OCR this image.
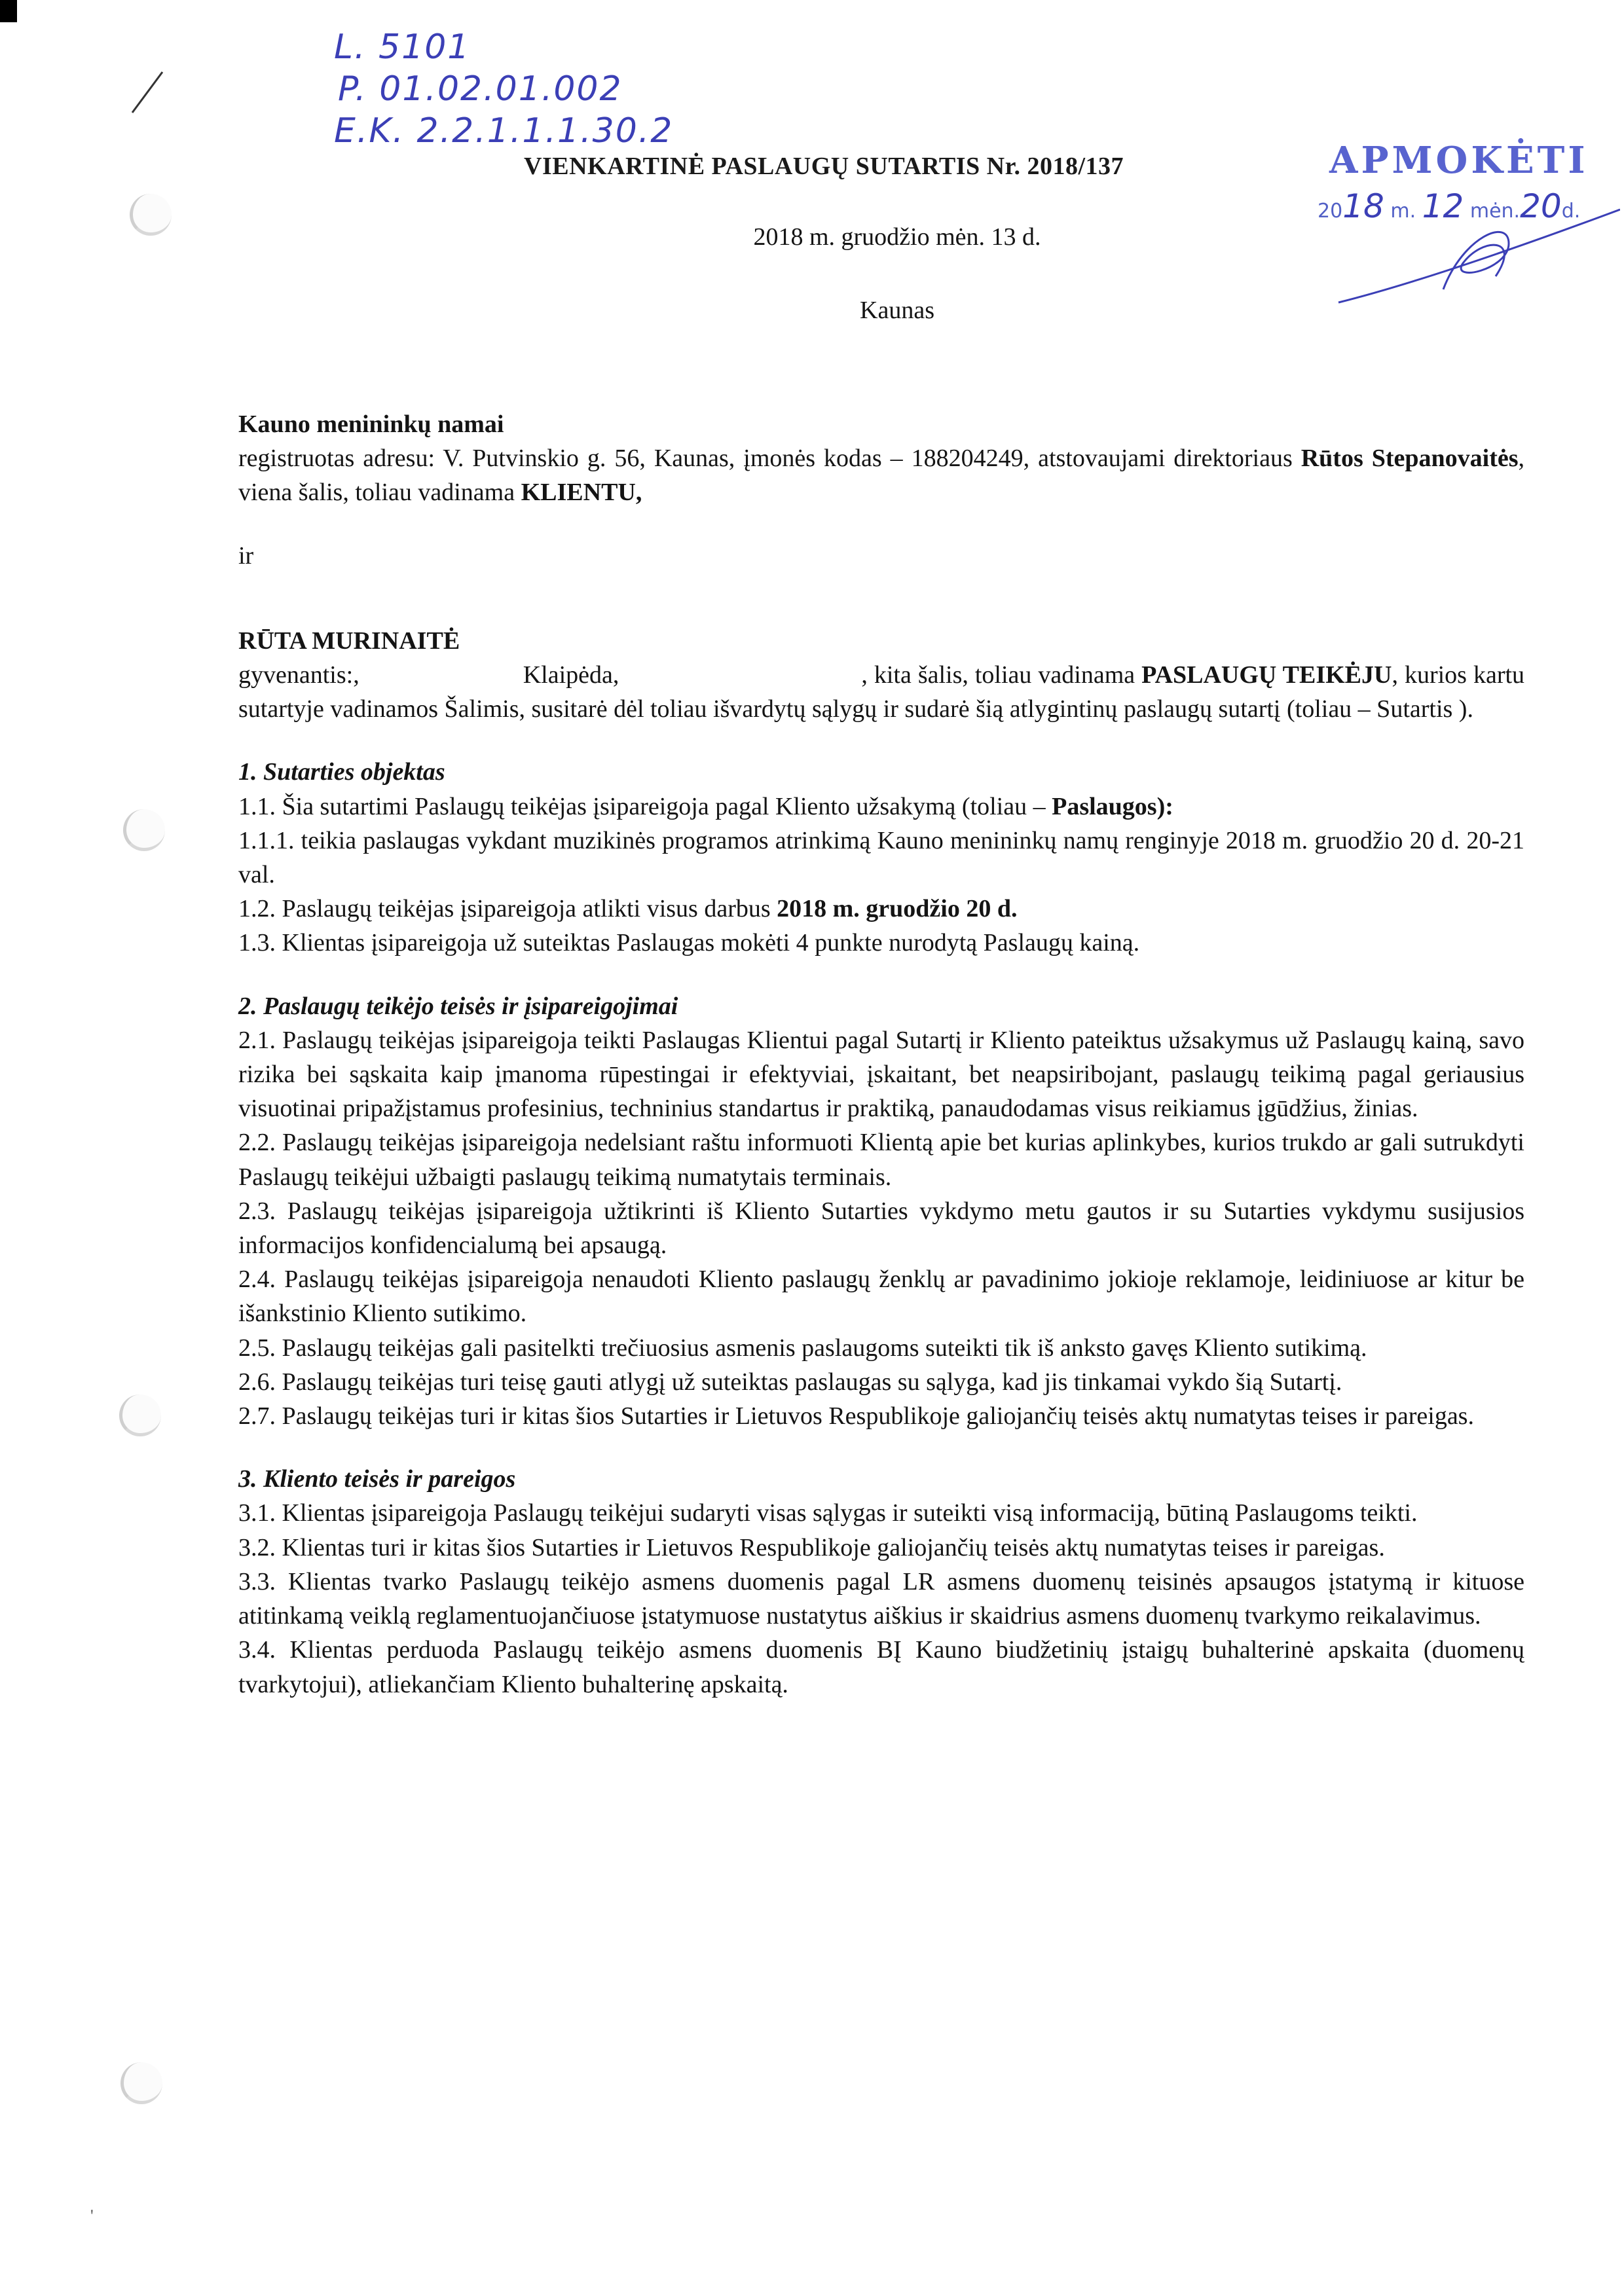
'
L. 5101
P. 01.02.01.002
E.K. 2.2.1.1.1.30.2
APMOKĖTI
2018 m. 12 mėn.20d.
VIENKARTINĖ PASLAUGŲ SUTARTIS Nr. 2018/137
2018 m. gruodžio mėn. 13 d.
Kaunas

Kauno menininkų namai

registruotas adresu: V. Putvinskio g. 56, Kaunas, įmonės kodas – 188204249, atstovaujami direktoriaus Rūtos Stepanovaitės, viena šalis, toliau vadinama KLIENTU,

ir

RŪTA MURINAITĖ

gyvenantis:,	Klaipėda,	, kita šalis, toliau vadinama PASLAUGŲ TEIKĖJU, kurios kartu sutartyje vadinamos Šalimis, susitarė dėl toliau išvardytų sąlygų ir sudarė šią atlygintinų paslaugų sutartį (toliau – Sutartis ).

1. Sutarties objektas

1.1. Šia sutartimi Paslaugų teikėjas įsipareigoja pagal Kliento užsakymą (toliau – Paslaugos):

1.1.1. teikia paslaugas vykdant muzikinės programos atrinkimą Kauno menininkų namų renginyje 2018 m. gruodžio 20 d. 20-21 val.

1.2. Paslaugų teikėjas įsipareigoja atlikti visus darbus 2018 m. gruodžio 20 d.

1.3. Klientas įsipareigoja už suteiktas Paslaugas mokėti 4 punkte nurodytą Paslaugų kainą.

2. Paslaugų teikėjo teisės ir įsipareigojimai

2.1. Paslaugų teikėjas įsipareigoja teikti Paslaugas Klientui pagal Sutartį ir Kliento pateiktus užsakymus už Paslaugų kainą, savo rizika bei sąskaita kaip įmanoma rūpestingai ir efektyviai, įskaitant, bet neapsiribojant, paslaugų teikimą pagal geriausius visuotinai pripažįstamus profesinius, techninius standartus ir praktiką, panaudodamas visus reikiamus įgūdžius, žinias.

2.2. Paslaugų teikėjas įsipareigoja nedelsiant raštu informuoti Klientą apie bet kurias aplinkybes, kurios trukdo ar gali sutrukdyti Paslaugų teikėjui užbaigti paslaugų teikimą numatytais terminais.

2.3. Paslaugų teikėjas įsipareigoja užtikrinti iš Kliento Sutarties vykdymo metu gautos ir su Sutarties vykdymu susijusios informacijos konfidencialumą bei apsaugą.

2.4. Paslaugų teikėjas įsipareigoja nenaudoti Kliento paslaugų ženklų ar pavadinimo jokioje reklamoje, leidiniuose ar kitur be išankstinio Kliento sutikimo.

2.5. Paslaugų teikėjas gali pasitelkti trečiuosius asmenis paslaugoms suteikti tik iš anksto gavęs Kliento sutikimą.

2.6. Paslaugų teikėjas turi teisę gauti atlygį už suteiktas paslaugas su sąlyga, kad jis tinkamai vykdo šią Sutartį.

2.7. Paslaugų teikėjas turi ir kitas šios Sutarties ir Lietuvos Respublikoje galiojančių teisės aktų numatytas teises ir pareigas.

3. Kliento teisės ir pareigos

3.1. Klientas įsipareigoja Paslaugų teikėjui sudaryti visas sąlygas ir suteikti visą informaciją, būtiną Paslaugoms teikti.

3.2. Klientas turi ir kitas šios Sutarties ir Lietuvos Respublikoje galiojančių teisės aktų numatytas teises ir pareigas.

3.3. Klientas tvarko Paslaugų teikėjo asmens duomenis pagal LR asmens duomenų teisinės apsaugos įstatymą ir kituose atitinkamą veiklą reglamentuojančiuose įstatymuose nustatytus aiškius ir skaidrius asmens duomenų tvarkymo reikalavimus.

3.4. Klientas perduoda Paslaugų teikėjo asmens duomenis BĮ Kauno biudžetinių įstaigų buhalterinė apskaita (duomenų tvarkytojui), atliekančiam Kliento buhalterinę apskaitą.
